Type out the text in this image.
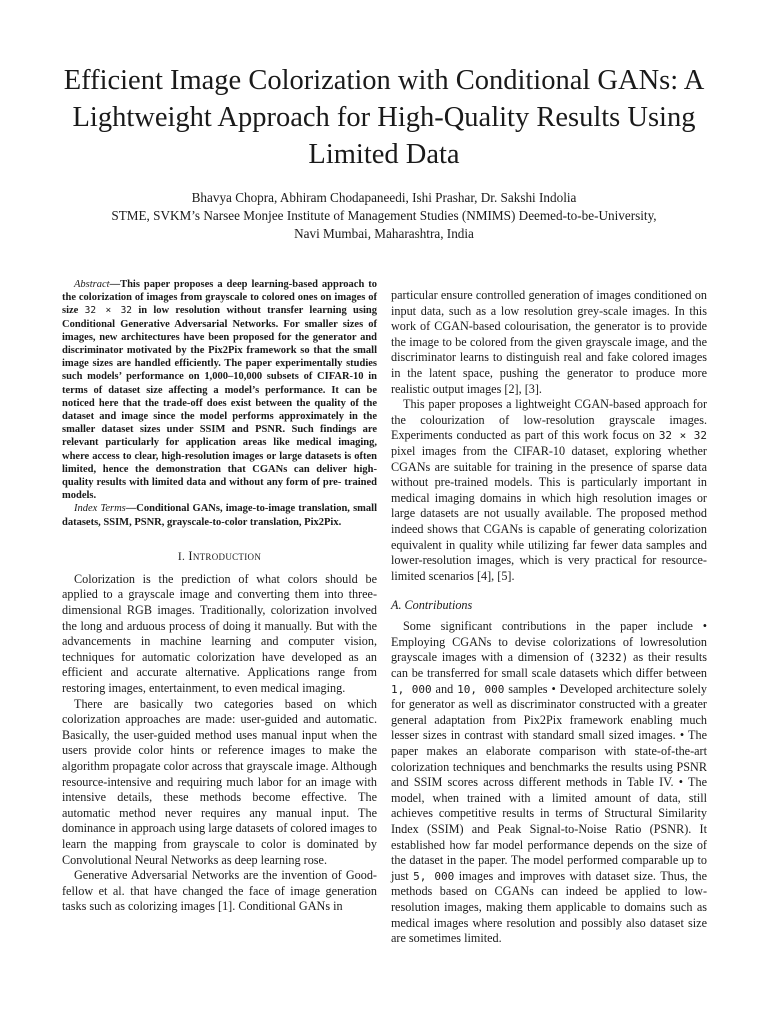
Efficient Image Colorization with Conditional GANs: A Lightweight Approach for High-Quality Results Using Limited Data
Bhavya Chopra, Abhiram Chodapaneedi, Ishi Prashar, Dr. Sakshi Indolia
STME, SVKM’s Narsee Monjee Institute of Management Studies (NMIMS) Deemed-to-be-University,
Navi Mumbai, Maharashtra, India

Abstract—This paper proposes a deep learning-based approach to the colorization of images from grayscale to colored ones on images of size 32 × 32 in low resolution without transfer learning using Conditional Generative Adversarial Networks. For smaller sizes of images, new architectures have been proposed for the generator and discriminator motivated by the Pix2Pix framework so that the small image sizes are handled efficiently. The paper experimentally studies such models’ performance on 1,000–10,000 subsets of CIFAR-10 in terms of dataset size affecting a model’s performance. It can be noticed here that the trade-off does exist between the quality of the dataset and image since the model performs approximately in the smaller dataset sizes under SSIM and PSNR. Such findings are relevant particularly for application areas like medical imaging, where access to clear, high-resolution images or large datasets is often limited, hence the demonstration that CGANs can deliver high- quality results with limited data and without any form of pre- trained models.

Index Terms—Conditional GANs, image-to-image translation, small datasets, SSIM, PSNR, grayscale-to-color translation, Pix2Pix.

I. Introduction

Colorization is the prediction of what colors should be applied to a grayscale image and converting them into three-dimensional RGB images. Traditionally, colorization involved the long and arduous process of doing it manually. But with the advancements in machine learning and computer vision, techniques for automatic colorization have developed as an efficient and accurate alternative. Applications range from restoring images, entertainment, to even medical imaging.

There are basically two categories based on which colorization approaches are made: user-guided and automatic. Basically, the user-guided method uses manual input when the users provide color hints or reference images to make the algorithm propagate color across that grayscale image. Although resource-intensive and requiring much labor for an image with intensive details, these methods become effective. The automatic method never requires any manual input. The dominance in approach using large datasets of colored images to learn the mapping from grayscale to color is dominated by Convolutional Neural Networks as deep learning rose.

Generative Adversarial Networks are the invention of Good- fellow et al. that have changed the face of image generation tasks such as colorizing images [1]. Conditional GANs in

particular ensure controlled generation of images conditioned on input data, such as a low resolution grey-scale images. In this work of CGAN-based colourisation, the generator is to provide the image to be colored from the given grayscale image, and the discriminator learns to distinguish real and fake colored images in the latent space, pushing the generator to produce more realistic output images [2], [3].

This paper proposes a lightweight CGAN-based approach for the colourization of low-resolution grayscale images. Experiments conducted as part of this work focus on 32 × 32 pixel images from the CIFAR-10 dataset, exploring whether CGANs are suitable for training in the presence of sparse data without pre-trained models. This is particularly important in medical imaging domains in which high resolution images or large datasets are not usually available. The proposed method indeed shows that CGANs is capable of generating colorization equivalent in quality while utilizing far fewer data samples and lower-resolution images, which is very practical for resource-limited scenarios [4], [5].

A. Contributions

Some significant contributions in the paper include • Employing CGANs to devise colorizations of lowresolution grayscale images with a dimension of (3232) as their results can be transferred for small scale datasets which differ between 1, 000 and 10, 000 samples • Developed architecture solely for generator as well as discriminator constructed with a greater general adaptation from Pix2Pix framework enabling much lesser sizes in contrast with standard small sized images. • The paper makes an elaborate comparison with state-of-the-art colorization techniques and benchmarks the results using PSNR and SSIM scores across different methods in Table IV. • The model, when trained with a limited amount of data, still achieves competitive results in terms of Structural Similarity Index (SSIM) and Peak Signal-to-Noise Ratio (PSNR). It established how far model performance depends on the size of the dataset in the paper. The model performed comparable up to just 5, 000 images and improves with dataset size. Thus, the methods based on CGANs can indeed be applied to low-resolution images, making them applicable to domains such as medical images where resolution and possibly also dataset size are sometimes limited.
